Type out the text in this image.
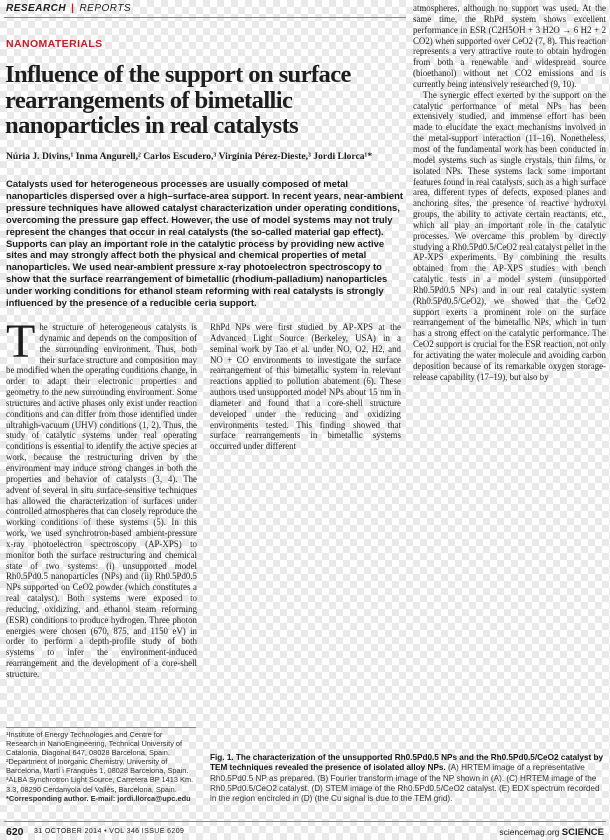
RESEARCH | REPORTS
NANOMATERIALS
Influence of the support on surface rearrangements of bimetallic nanoparticles in real catalysts
Núria J. Divins,¹ Inma Angurell,² Carlos Escudero,³ Virginia Pérez-Dieste,³ Jordi Llorca¹*

Catalysts used for heterogeneous processes are usually composed of metal nanoparticles dispersed over a high–surface-area support. In recent years, near-ambient pressure techniques have allowed catalyst characterization under operating conditions, overcoming the pressure gap effect. However, the use of model systems may not truly represent the changes that occur in real catalysts (the so-called material gap effect). Supports can play an important role in the catalytic process by providing new active sites and may strongly affect both the physical and chemical properties of metal nanoparticles. We used near-ambient pressure x-ray photoelectron spectroscopy to show that the surface rearrangement of bimetallic (rhodium-palladium) nanoparticles under working conditions for ethanol steam reforming with real catalysts is strongly influenced by the presence of a reducible ceria support.

The structure of heterogeneous catalysts is dynamic and depends on the composition of the surrounding environment. Thus, both their surface structure and composition may be modified when the operating conditions change, in order to adapt their electronic properties and geometry to the new surrounding environment. Some structures and active phases only exist under reaction conditions and can differ from those identified under ultrahigh-vacuum (UHV) conditions (1, 2). Thus, the study of catalytic systems under real operating conditions is essential to identify the active species at work, because the restructuring driven by the environment may induce strong changes in both the properties and behavior of catalysts (3, 4). The advent of several in situ surface-sensitive techniques has allowed the characterization of surfaces under controlled atmospheres that can closely reproduce the working conditions of these systems (5). In this work, we used synchrotron-based ambient-pressure x-ray photoelectron spectroscopy (AP-XPS) to monitor both the surface restructuring and chemical state of two systems: (i) unsupported model Rh0.5Pd0.5 nanoparticles (NPs) and (ii) Rh0.5Pd0.5 NPs supported on CeO2 powder (which constitutes a real catalyst). Both systems were exposed to reducing, oxidizing, and ethanol steam reforming (ESR) conditions to produce hydrogen. Three photon energies were chosen (670, 875, and 1150 eV) in order to perform a depth-profile study of both systems to infer the environment-induced rearrangement and the development of a core-shell structure.
RhPd NPs were first studied by AP-XPS at the Advanced Light Source (Berkeley, USA) in a seminal work by Tao et al. under NO, O2, H2, and NO + CO environments to investigate the surface rearrangement of this bimetallic system in relevant reactions applied to pollution abatement (6). These authors used unsupported model NPs about 15 nm in diameter and found that a core-shell structure developed under the reducing and oxidizing environments tested. This finding showed that surface rearrangements in bimetallic systems occurred under different
atmospheres, although no support was used. At the same time, the RhPd system shows excellent performance in ESR (C2H5OH + 3 H2O → 6 H2 + 2 CO2) when supported over CeO2 (7, 8). This reaction represents a very attractive route to obtain hydrogen from both a renewable and widespread source (bioethanol) without net CO2 emissions and is currently being intensively researched (9, 10).
The synergic effect exerted by the support on the catalytic performance of metal NPs has been extensively studied, and immense effort has been made to elucidate the exact mechanisms involved in the metal-support interaction (11–16). Nonetheless, most of the fundamental work has been conducted in model systems such as single crystals, thin films, or isolated NPs. These systems lack some important features found in real catalysts, such as a high surface area, different types of defects, exposed planes and anchoring sites, the presence of reactive hydroxyl groups, the ability to activate certain reactants, etc., which all play an important role in the catalytic processes. We overcame this problem by directly studying a Rh0.5Pd0.5/CeO2 real catalyst pellet in the AP-XPS experiments. By combining the results obtained from the AP-XPS studies with bench catalytic tests in a model system (unsupported Rh0.5Pd0.5 NPs) and in our real catalytic system (Rh0.5Pd0.5/CeO2), we showed that the CeO2 support exerts a prominent role on the surface rearrangement of the bimetallic NPs, which in turn has a strong effect on the catalytic performance. The CeO2 support is crucial for the ESR reaction, not only for activating the water molecule and avoiding carbon deposition because of its remarkable oxygen storage-release capability (17–19), but also by

¹Institute of Energy Technologies and Centre for Research in NanoEngineering, Technical University of Catalonia, Diagonal 647, 08028 Barcelona, Spain. ²Department of Inorganic Chemistry, University of Barcelona, Martí i Franquès 1, 08028 Barcelona, Spain. ³ALBA Synchrotron Light Source, Carretera BP 1413 Km. 3.3, 08290 Cerdanyola del Vallès, Barcelona, Spain.
*Corresponding author. E-mail: jordi.llorca@upc.edu

Fig. 1. The characterization of the unsupported Rh0.5Pd0.5 NPs and the Rh0.5Pd0.5/CeO2 catalyst by TEM techniques revealed the presence of isolated alloy NPs. (A) HRTEM image of a representative Rh0.5Pd0.5 NP as prepared. (B) Fourier transform image of the NP shown in (A). (C) HRTEM image of the Rh0.5Pd0.5/CeO2 catalyst. (D) STEM image of the Rh0.5Pd0.5/CeO2 catalyst. (E) EDX spectrum recorded in the region encircled in (D) (the Cu signal is due to the TEM grid).

620 31 OCTOBER 2014 • VOL 346 ISSUE 6209	sciencemag.org SCIENCE
